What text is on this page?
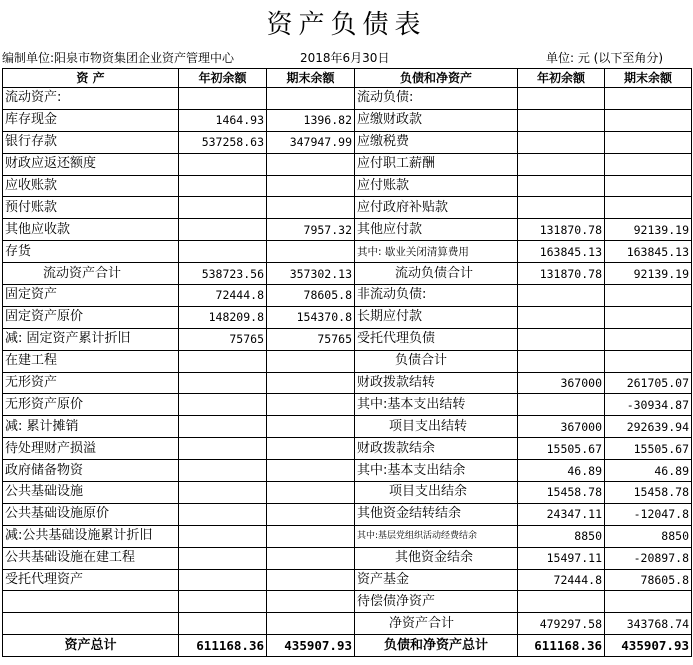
资产负债表
编制单位:阳泉市物资集团企业资产管理中心	2018年6月30日	单位: 元 (以下至角分)
资 产	年初余额	期末余额	负债和净资产	年初余额	期末余额
流动资产:			流动负债:		
库存现金	1464.93	1396.82	应缴财政款		
银行存款	537258.63	347947.99	应缴税费		
财政应返还额度			应付职工薪酬		
应收账款			应付账款		
预付账款			应付政府补贴款		
其他应收款		7957.32	其他应付款	131870.78	92139.19
存货			其中: 歇业关闭清算费用	163845.13	163845.13
流动资产合计	538723.56	357302.13	流动负债合计	131870.78	92139.19
固定资产	72444.8	78605.8	非流动负债:		
固定资产原价	148209.8	154370.8	长期应付款		
减: 固定资产累计折旧	75765	75765	受托代理负债		
在建工程			负债合计		
无形资产			财政拨款结转	367000	261705.07
无形资产原价			其中:基本支出结转		-30934.87
减: 累计摊销			项目支出结转	367000	292639.94
待处理财产损溢			财政拨款结余	15505.67	15505.67
政府储备物资			其中:基本支出结余	46.89	46.89
公共基础设施			项目支出结余	15458.78	15458.78
公共基础设施原价			其他资金结转结余	24347.11	-12047.8
减:公共基础设施累计折旧			其中:基层党组织活动经费结余	8850	8850
公共基础设施在建工程			其他资金结余	15497.11	-20897.8
受托代理资产			资产基金	72444.8	78605.8
			待偿债净资产		
			净资产合计	479297.58	343768.74
资产总计	611168.36	435907.93	负债和净资产总计	611168.36	435907.93
